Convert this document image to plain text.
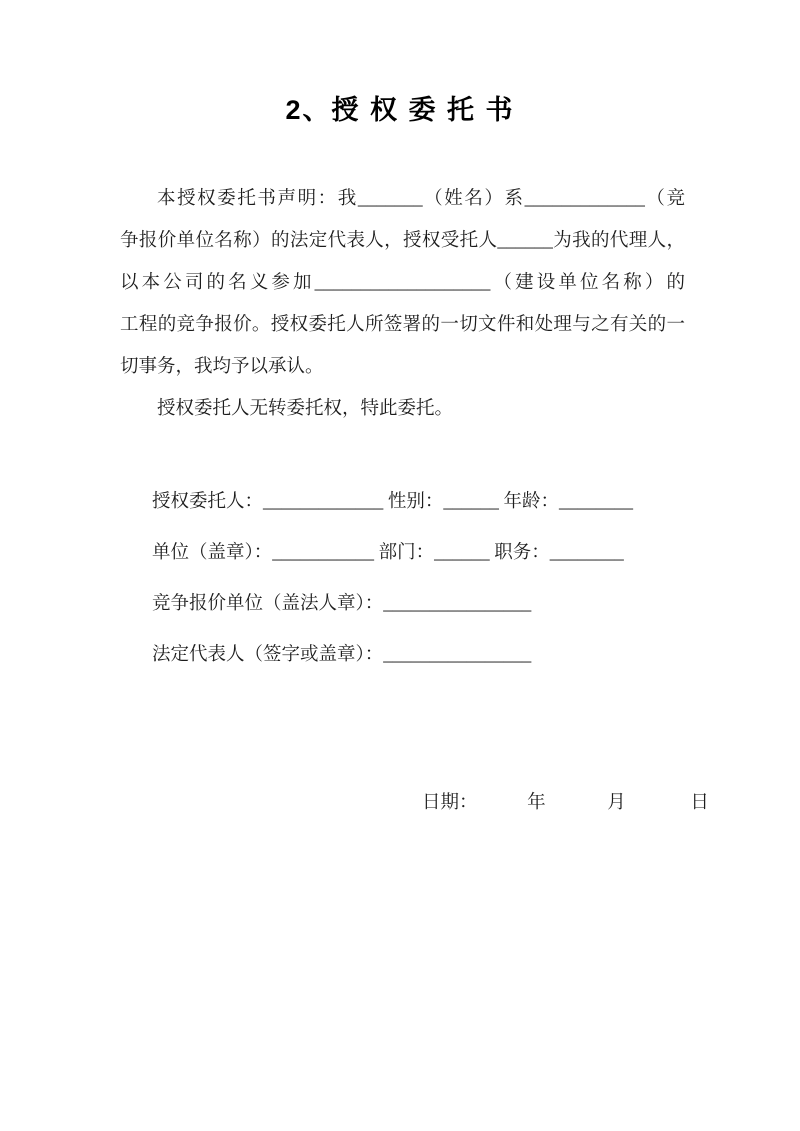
2、授 权 委 托 书
本授权委托书声明：我_______（姓名）系_____________（竞
争报价单位名称）的法定代表人，授权受托人______为我的代理人，
以本公司的名义参加___________________（建设单位名称）的
工程的竞争报价。授权委托人所签署的一切文件和处理与之有关的一
切事务，我均予以承认。
授权委托人无转委托权，特此委托。
授权委托人：_____________ 性别：______ 年龄：________
单位（盖章）：___________ 部门：______ 职务：________
竞争报价单位（盖法人章）：________________
法定代表人（签字或盖章）：________________
日期：	年	月	日
